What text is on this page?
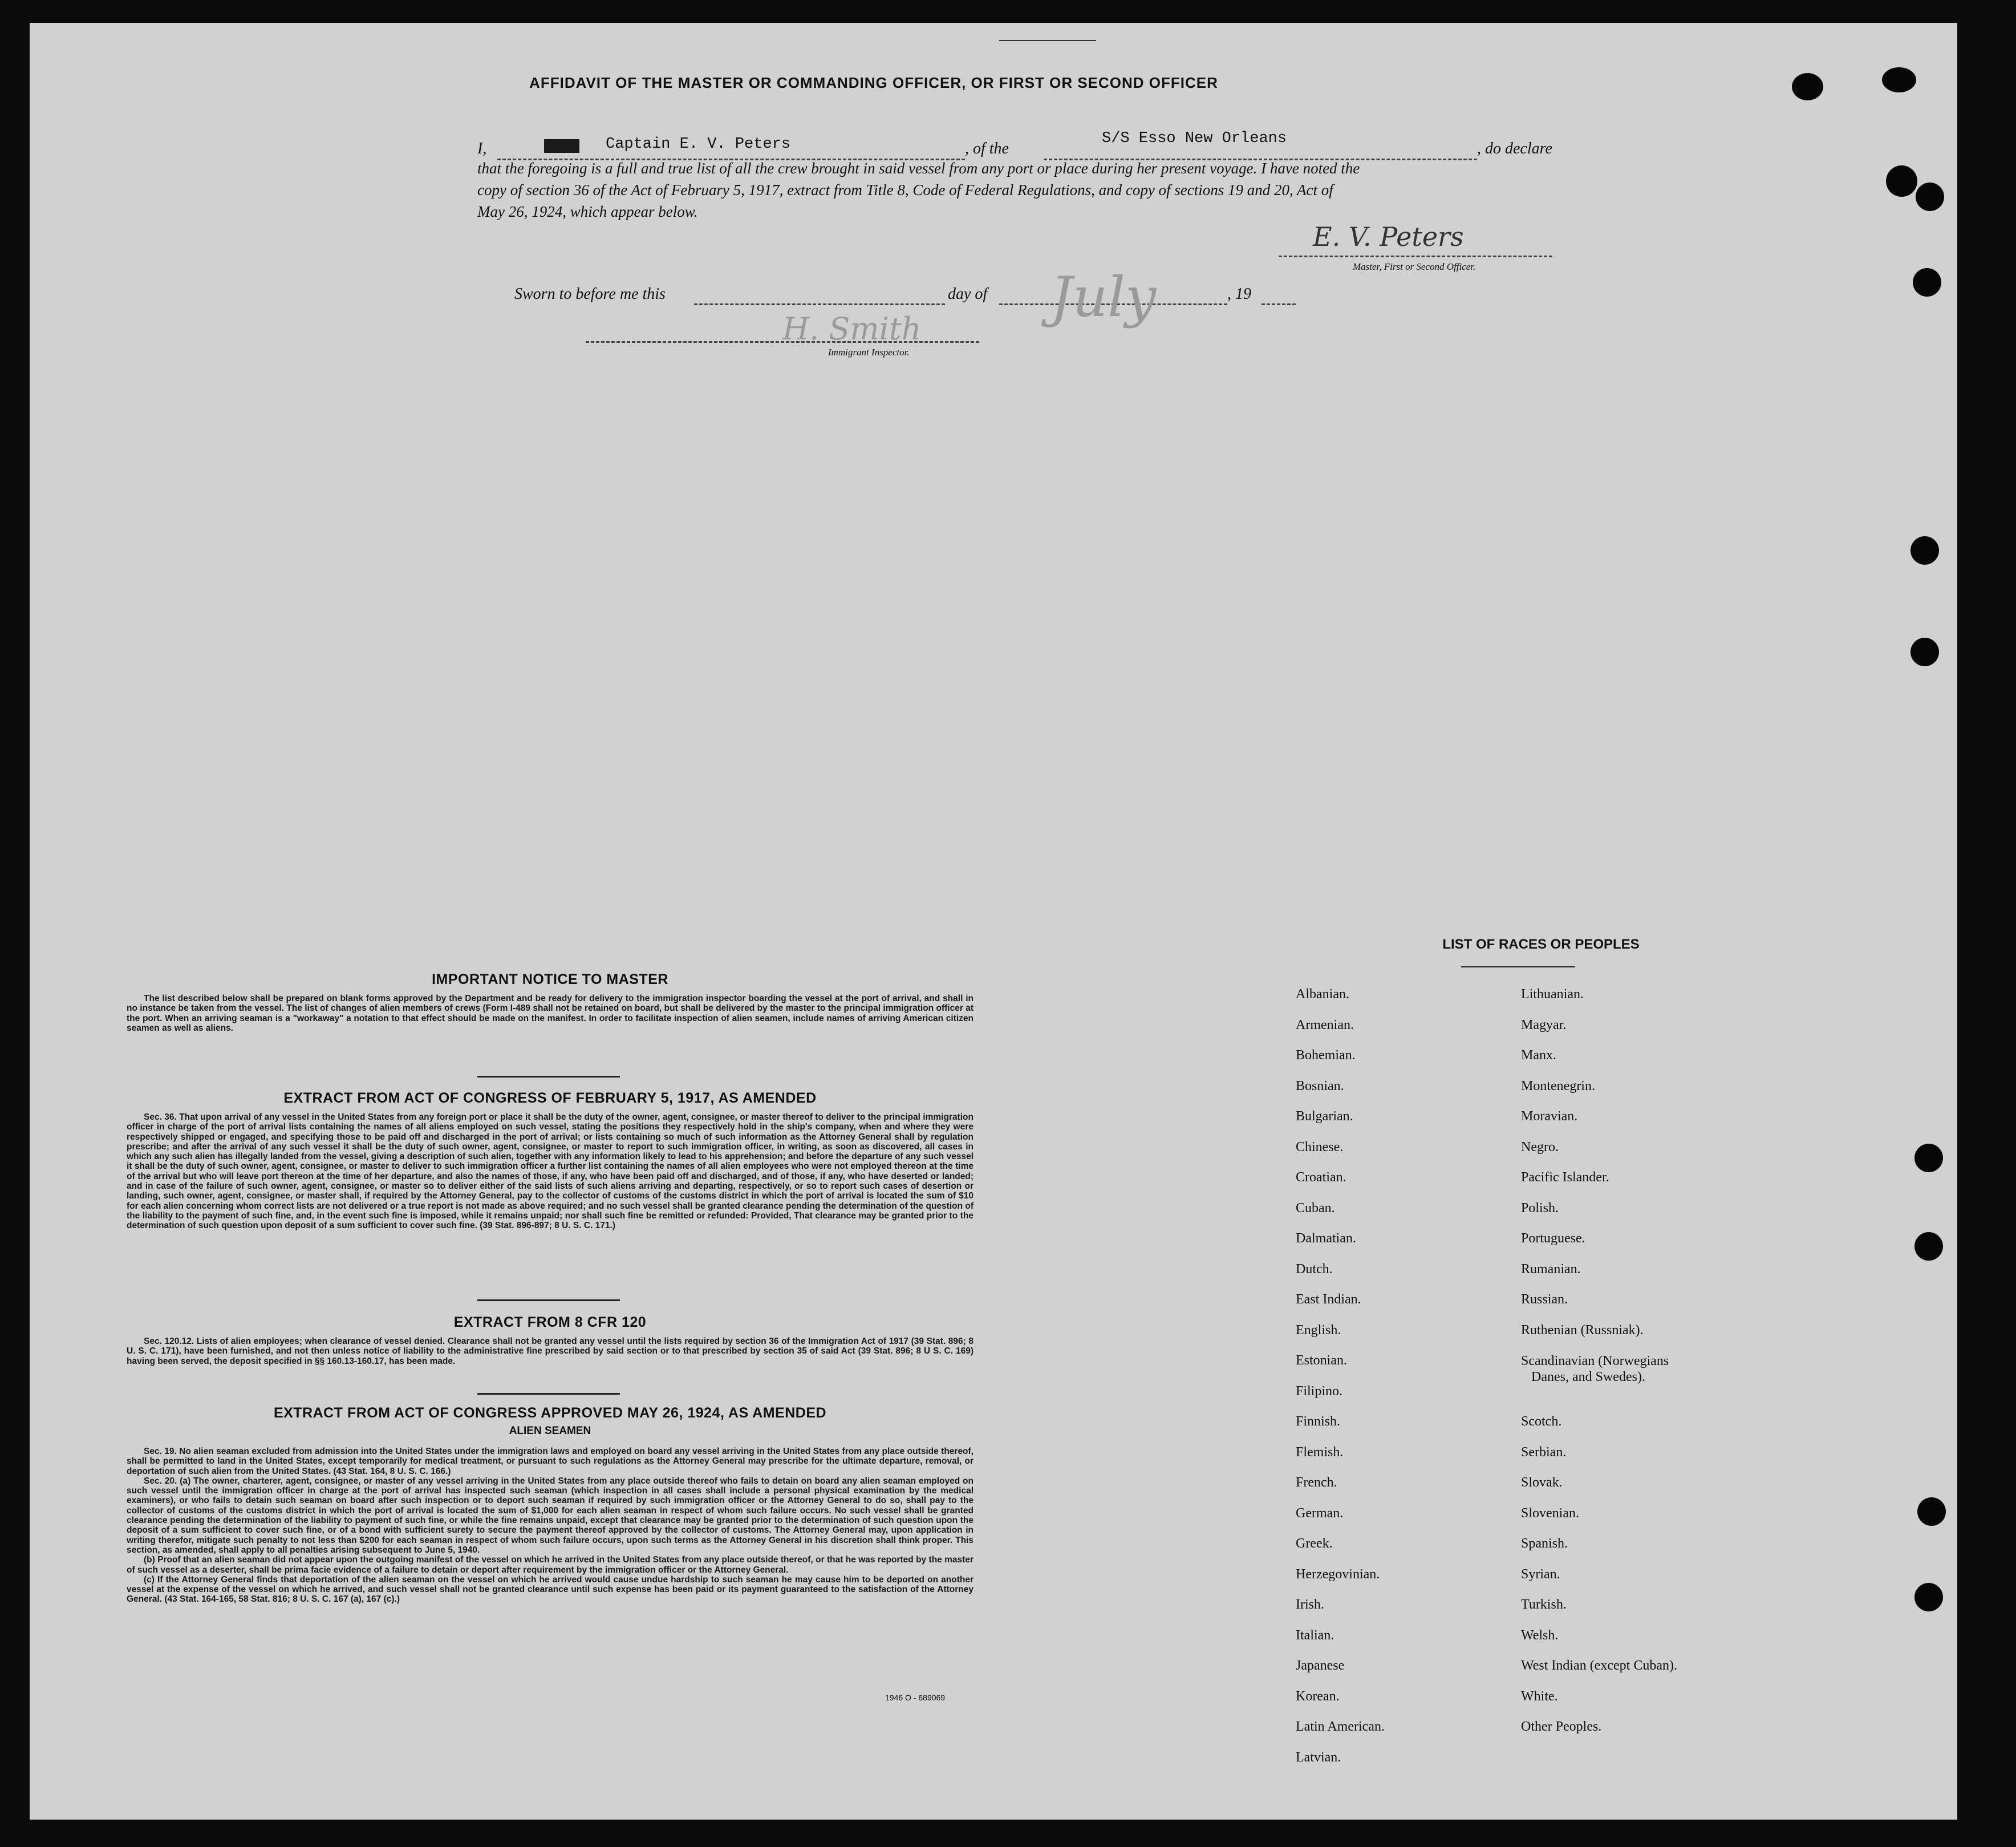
AFFIDAVIT OF THE MASTER OR COMMANDING OFFICER, OR FIRST OR SECOND OFFICER
I,	Captain E. V. Peters	, of the
S/S Esso New Orleans
, do declare
that the foregoing is a full and true list of all the crew brought in said vessel from any port or place during her present voyage. I have noted the
copy of section 36 of the Act of February 5, 1917, extract from Title 8, Code of Federal Regulations, and copy of sections 19 and 20, Act of
May 26, 1924, which appear below.
E. V. Peters
Master, First or Second Officer.
Sworn to before me this	day of July	, 19
H. Smith
Immigrant Inspector.
IMPORTANT NOTICE TO MASTER
The list described below shall be prepared on blank forms approved by the Department and be ready for delivery to the immigration inspector boarding the vessel at the port of arrival, and shall in no instance be taken from the vessel. The list of changes of alien members of crews (Form I-489 shall not be retained on board, but shall be delivered by the master to the principal immigration officer at the port. When an arriving seaman is a "workaway" a notation to that effect should be made on the manifest. In order to facilitate inspection of alien seamen, include names of arriving American citizen seamen as well as aliens.
EXTRACT FROM ACT OF CONGRESS OF FEBRUARY 5, 1917, AS AMENDED
Sec. 36. That upon arrival of any vessel in the United States from any foreign port or place it shall be the duty of the owner, agent, consignee, or master thereof to deliver to the principal immigration officer in charge of the port of arrival lists containing the names of all aliens employed on such vessel, stating the positions they respectively hold in the ship's company, when and where they were respectively shipped or engaged, and specifying those to be paid off and discharged in the port of arrival; or lists containing so much of such information as the Attorney General shall by regulation prescribe; and after the arrival of any such vessel it shall be the duty of such owner, agent, consignee, or master to report to such immigration officer, in writing, as soon as discovered, all cases in which any such alien has illegally landed from the vessel, giving a description of such alien, together with any information likely to lead to his apprehension; and before the departure of any such vessel it shall be the duty of such owner, agent, consignee, or master to deliver to such immigration officer a further list containing the names of all alien employees who were not employed thereon at the time of the arrival but who will leave port thereon at the time of her departure, and also the names of those, if any, who have been paid off and discharged, and of those, if any, who have deserted or landed; and in case of the failure of such owner, agent, consignee, or master so to deliver either of the said lists of such aliens arriving and departing, respectively, or so to report such cases of desertion or landing, such owner, agent, consignee, or master shall, if required by the Attorney General, pay to the collector of customs of the customs district in which the port of arrival is located the sum of $10 for each alien concerning whom correct lists are not delivered or a true report is not made as above required; and no such vessel shall be granted clearance pending the determination of the question of the liability to the payment of such fine, and, in the event such fine is imposed, while it remains unpaid; nor shall such fine be remitted or refunded: Provided, That clearance may be granted prior to the determination of such question upon deposit of a sum sufficient to cover such fine. (39 Stat. 896-897; 8 U. S. C. 171.)
EXTRACT FROM 8 CFR 120
Sec. 120.12. Lists of alien employees; when clearance of vessel denied. Clearance shall not be granted any vessel until the lists required by section 36 of the Immigration Act of 1917 (39 Stat. 896; 8 U. S. C. 171), have been furnished, and not then unless notice of liability to the administrative fine prescribed by said section or to that prescribed by section 35 of said Act (39 Stat. 896; 8 U S. C. 169) having been served, the deposit specified in §§ 160.13-160.17, has been made.
EXTRACT FROM ACT OF CONGRESS APPROVED MAY 26, 1924, AS AMENDED
ALIEN SEAMEN
Sec. 19. No alien seaman excluded from admission into the United States under the immigration laws and employed on board any vessel arriving in the United States from any place outside thereof, shall be permitted to land in the United States, except temporarily for medical treatment, or pursuant to such regulations as the Attorney General may prescribe for the ultimate departure, removal, or deportation of such alien from the United States. (43 Stat. 164, 8 U. S. C. 166.)
Sec. 20. (a) The owner, charterer, agent, consignee, or master of any vessel arriving in the United States from any place outside thereof who fails to detain on board any alien seaman employed on such vessel until the immigration officer in charge at the port of arrival has inspected such seaman (which inspection in all cases shall include a personal physical examination by the medical examiners), or who fails to detain such seaman on board after such inspection or to deport such seaman if required by such immigration officer or the Attorney General to do so, shall pay to the collector of customs of the customs district in which the port of arrival is located the sum of $1,000 for each alien seaman in respect of whom such failure occurs. No such vessel shall be granted clearance pending the determination of the liability to payment of such fine, or while the fine remains unpaid, except that clearance may be granted prior to the determination of such question upon the deposit of a sum sufficient to cover such fine, or of a bond with sufficient surety to secure the payment thereof approved by the collector of customs. The Attorney General may, upon application in writing therefor, mitigate such penalty to not less than $200 for each seaman in respect of whom such failure occurs, upon such terms as the Attorney General in his discretion shall think proper. This section, as amended, shall apply to all penalties arising subsequent to June 5, 1940.
(b) Proof that an alien seaman did not appear upon the outgoing manifest of the vessel on which he arrived in the United States from any place outside thereof, or that he was reported by the master of such vessel as a deserter, shall be prima facie evidence of a failure to detain or deport after requirement by the immigration officer or the Attorney General.
(c) If the Attorney General finds that deportation of the alien seaman on the vessel on which he arrived would cause undue hardship to such seaman he may cause him to be deported on another vessel at the expense of the vessel on which he arrived, and such vessel shall not be granted clearance until such expense has been paid or its payment guaranteed to the satisfaction of the Attorney General. (43 Stat. 164-165, 58 Stat. 816; 8 U. S. C. 167 (a), 167 (c).)
1946 O - 689069
LIST OF RACES OR PEOPLES
Albanian.
Armenian.
Bohemian.
Bosnian.
Bulgarian.
Chinese.
Croatian.
Cuban.
Dalmatian.
Dutch.
East Indian.
English.
Estonian.
Filipino.
Finnish.
Flemish.
French.
German.
Greek.
Herzegovinian.
Irish.
Italian.
Japanese
Korean.
Latin American.
Latvian.
Lithuanian.
Magyar.
Manx.
Montenegrin.
Moravian.
Negro.
Pacific Islander.
Polish.
Portuguese.
Rumanian.
Russian.
Ruthenian (Russniak).
Scandinavian (Norwegians
Danes, and Swedes).
Scotch.
Serbian.
Slovak.
Slovenian.
Spanish.
Syrian.
Turkish.
Welsh.
West Indian (except Cuban).
White.
Other Peoples.
